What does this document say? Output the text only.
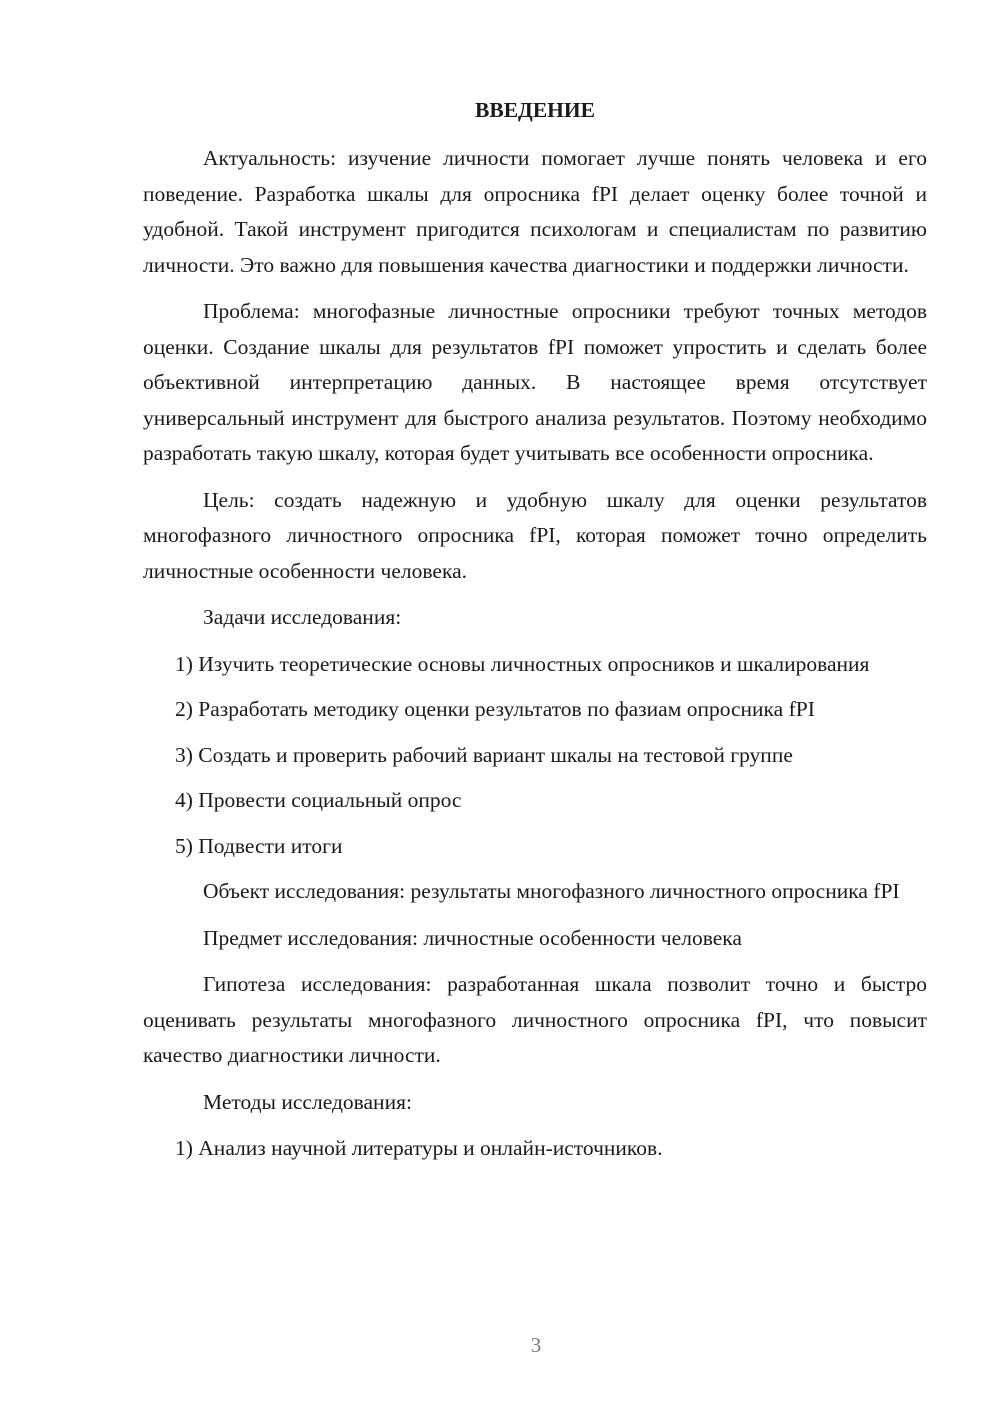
ВВЕДЕНИЕ

Актуальность: изучение личности помогает лучше понять человека и его поведение. Разработка шкалы для опросника fPI делает оценку более точной и удобной. Такой инструмент пригодится психологам и специалистам по развитию личности. Это важно для повышения качества диагностики и поддержки личности.

Проблема: многофазные личностные опросники требуют точных методов оценки. Создание шкалы для результатов fPI поможет упростить и сделать более объективной интерпретацию данных. В настоящее время отсутствует универсальный инструмент для быстрого анализа результатов. Поэтому необходимо разработать такую шкалу, которая будет учитывать все особенности опросника.

Цель: создать надежную и удобную шкалу для оценки результатов многофазного личностного опросника fPI, которая поможет точно определить личностные особенности человека.

Задачи исследования:

1) Изучить теоретические основы личностных опросников и шкалирования

2) Разработать методику оценки результатов по фазиам опросника fPI

3) Создать и проверить рабочий вариант шкалы на тестовой группе

4) Провести социальный опрос

5) Подвести итоги

Объект исследования: результаты многофазного личностного опросника fPI

Предмет исследования: личностные особенности человека

Гипотеза исследования: разработанная шкала позволит точно и быстро оценивать результаты многофазного личностного опросника fPI, что повысит качество диагностики личности.

Методы исследования:

1) Анализ научной литературы и онлайн-источников.

3
